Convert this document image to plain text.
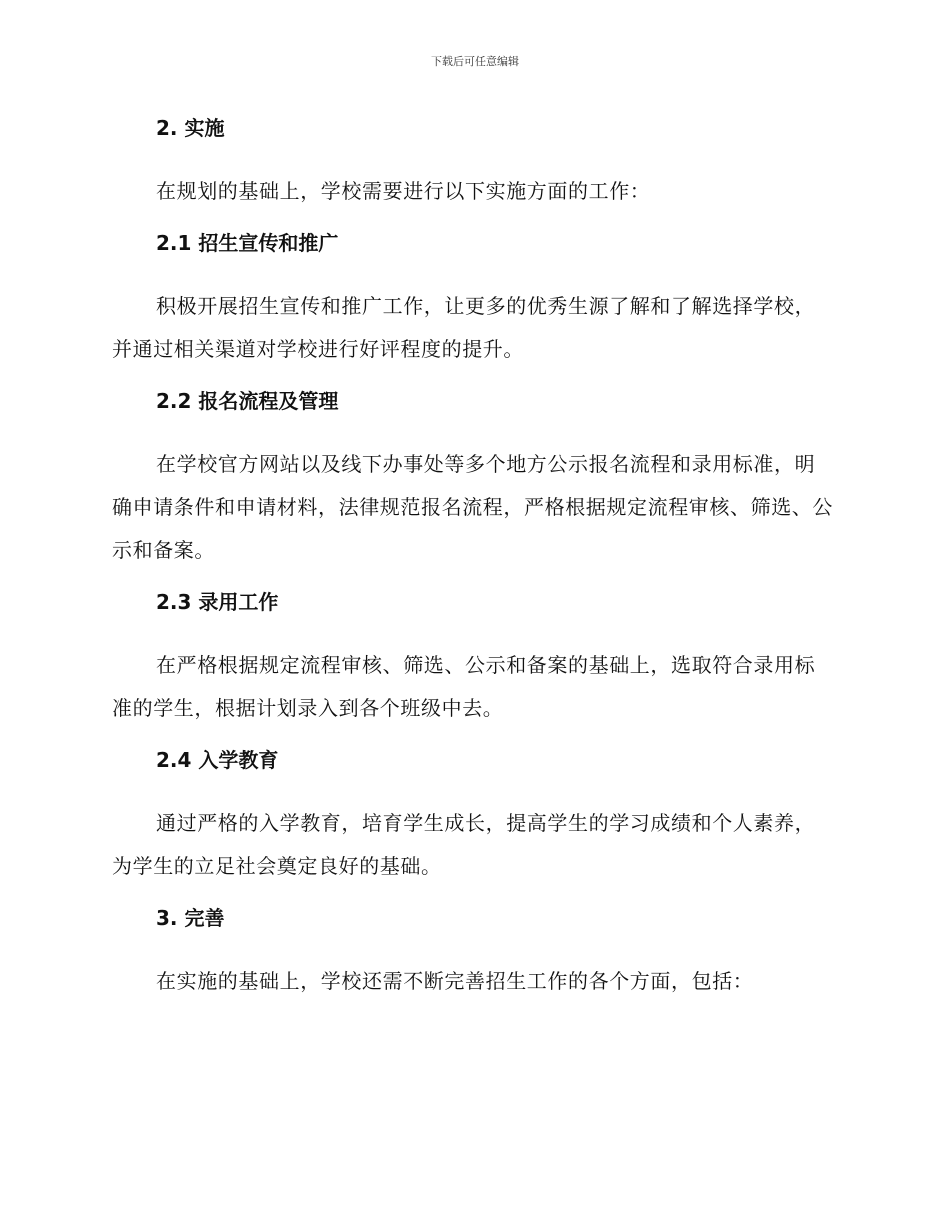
下载后可任意编辑
2. 实施

在规划的基础上，学校需要进行以下实施方面的工作：

2.1 招生宣传和推广

积极开展招生宣传和推广工作，让更多的优秀生源了解和了解选择学校，并通过相关渠道对学校进行好评程度的提升。

2.2 报名流程及管理

在学校官方网站以及线下办事处等多个地方公示报名流程和录用标准，明确申请条件和申请材料，法律规范报名流程，严格根据规定流程审核、筛选、公示和备案。

2.3 录用工作

在严格根据规定流程审核、筛选、公示和备案的基础上，选取符合录用标准的学生，根据计划录入到各个班级中去。

2.4 入学教育

通过严格的入学教育，培育学生成长，提高学生的学习成绩和个人素养，为学生的立足社会奠定良好的基础。

3. 完善

在实施的基础上，学校还需不断完善招生工作的各个方面，包括：
